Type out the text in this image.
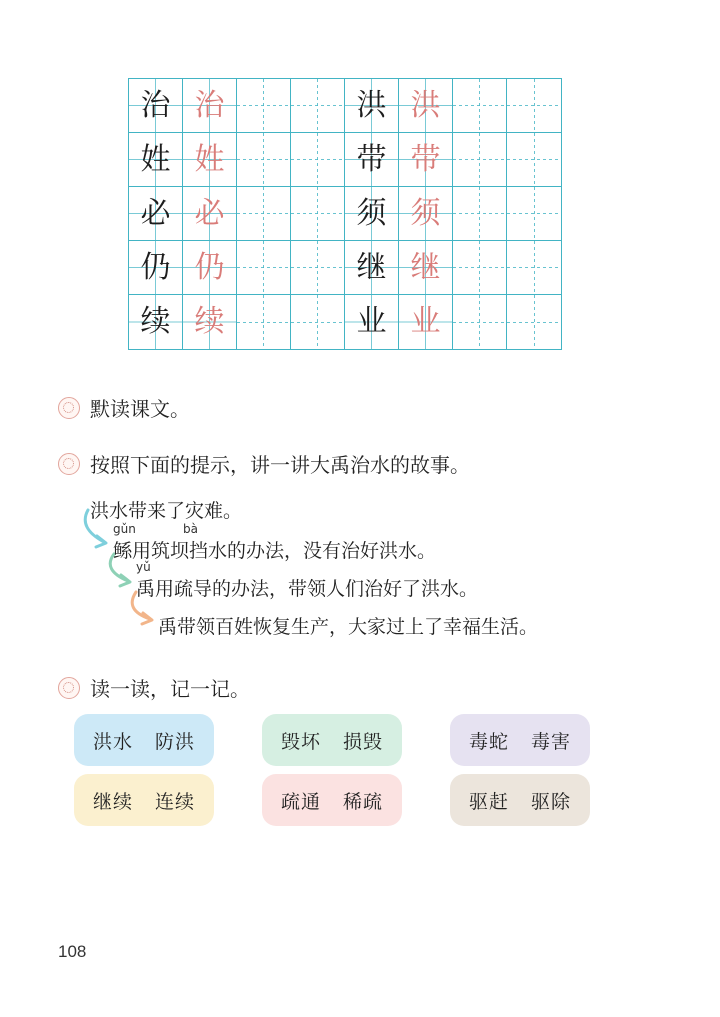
治 治	洪 洪
姓 姓	带 带
必 必	须 须
仍 仍	继 继
续 续	业 业
默读课文。
按照下面的提示，讲一讲大禹治水的故事。
洪水带来了灾难。
gǔn	bà
鲧用筑坝挡水的办法，没有治好洪水。
yǔ
禹用疏导的办法，带领人们治好了洪水。
禹带领百姓恢复生产，大家过上了幸福生活。
读一读，记一记。
洪水 防洪	毁坏 损毁	毒蛇 毒害
继续 连续	疏通 稀疏	驱赶 驱除
108
